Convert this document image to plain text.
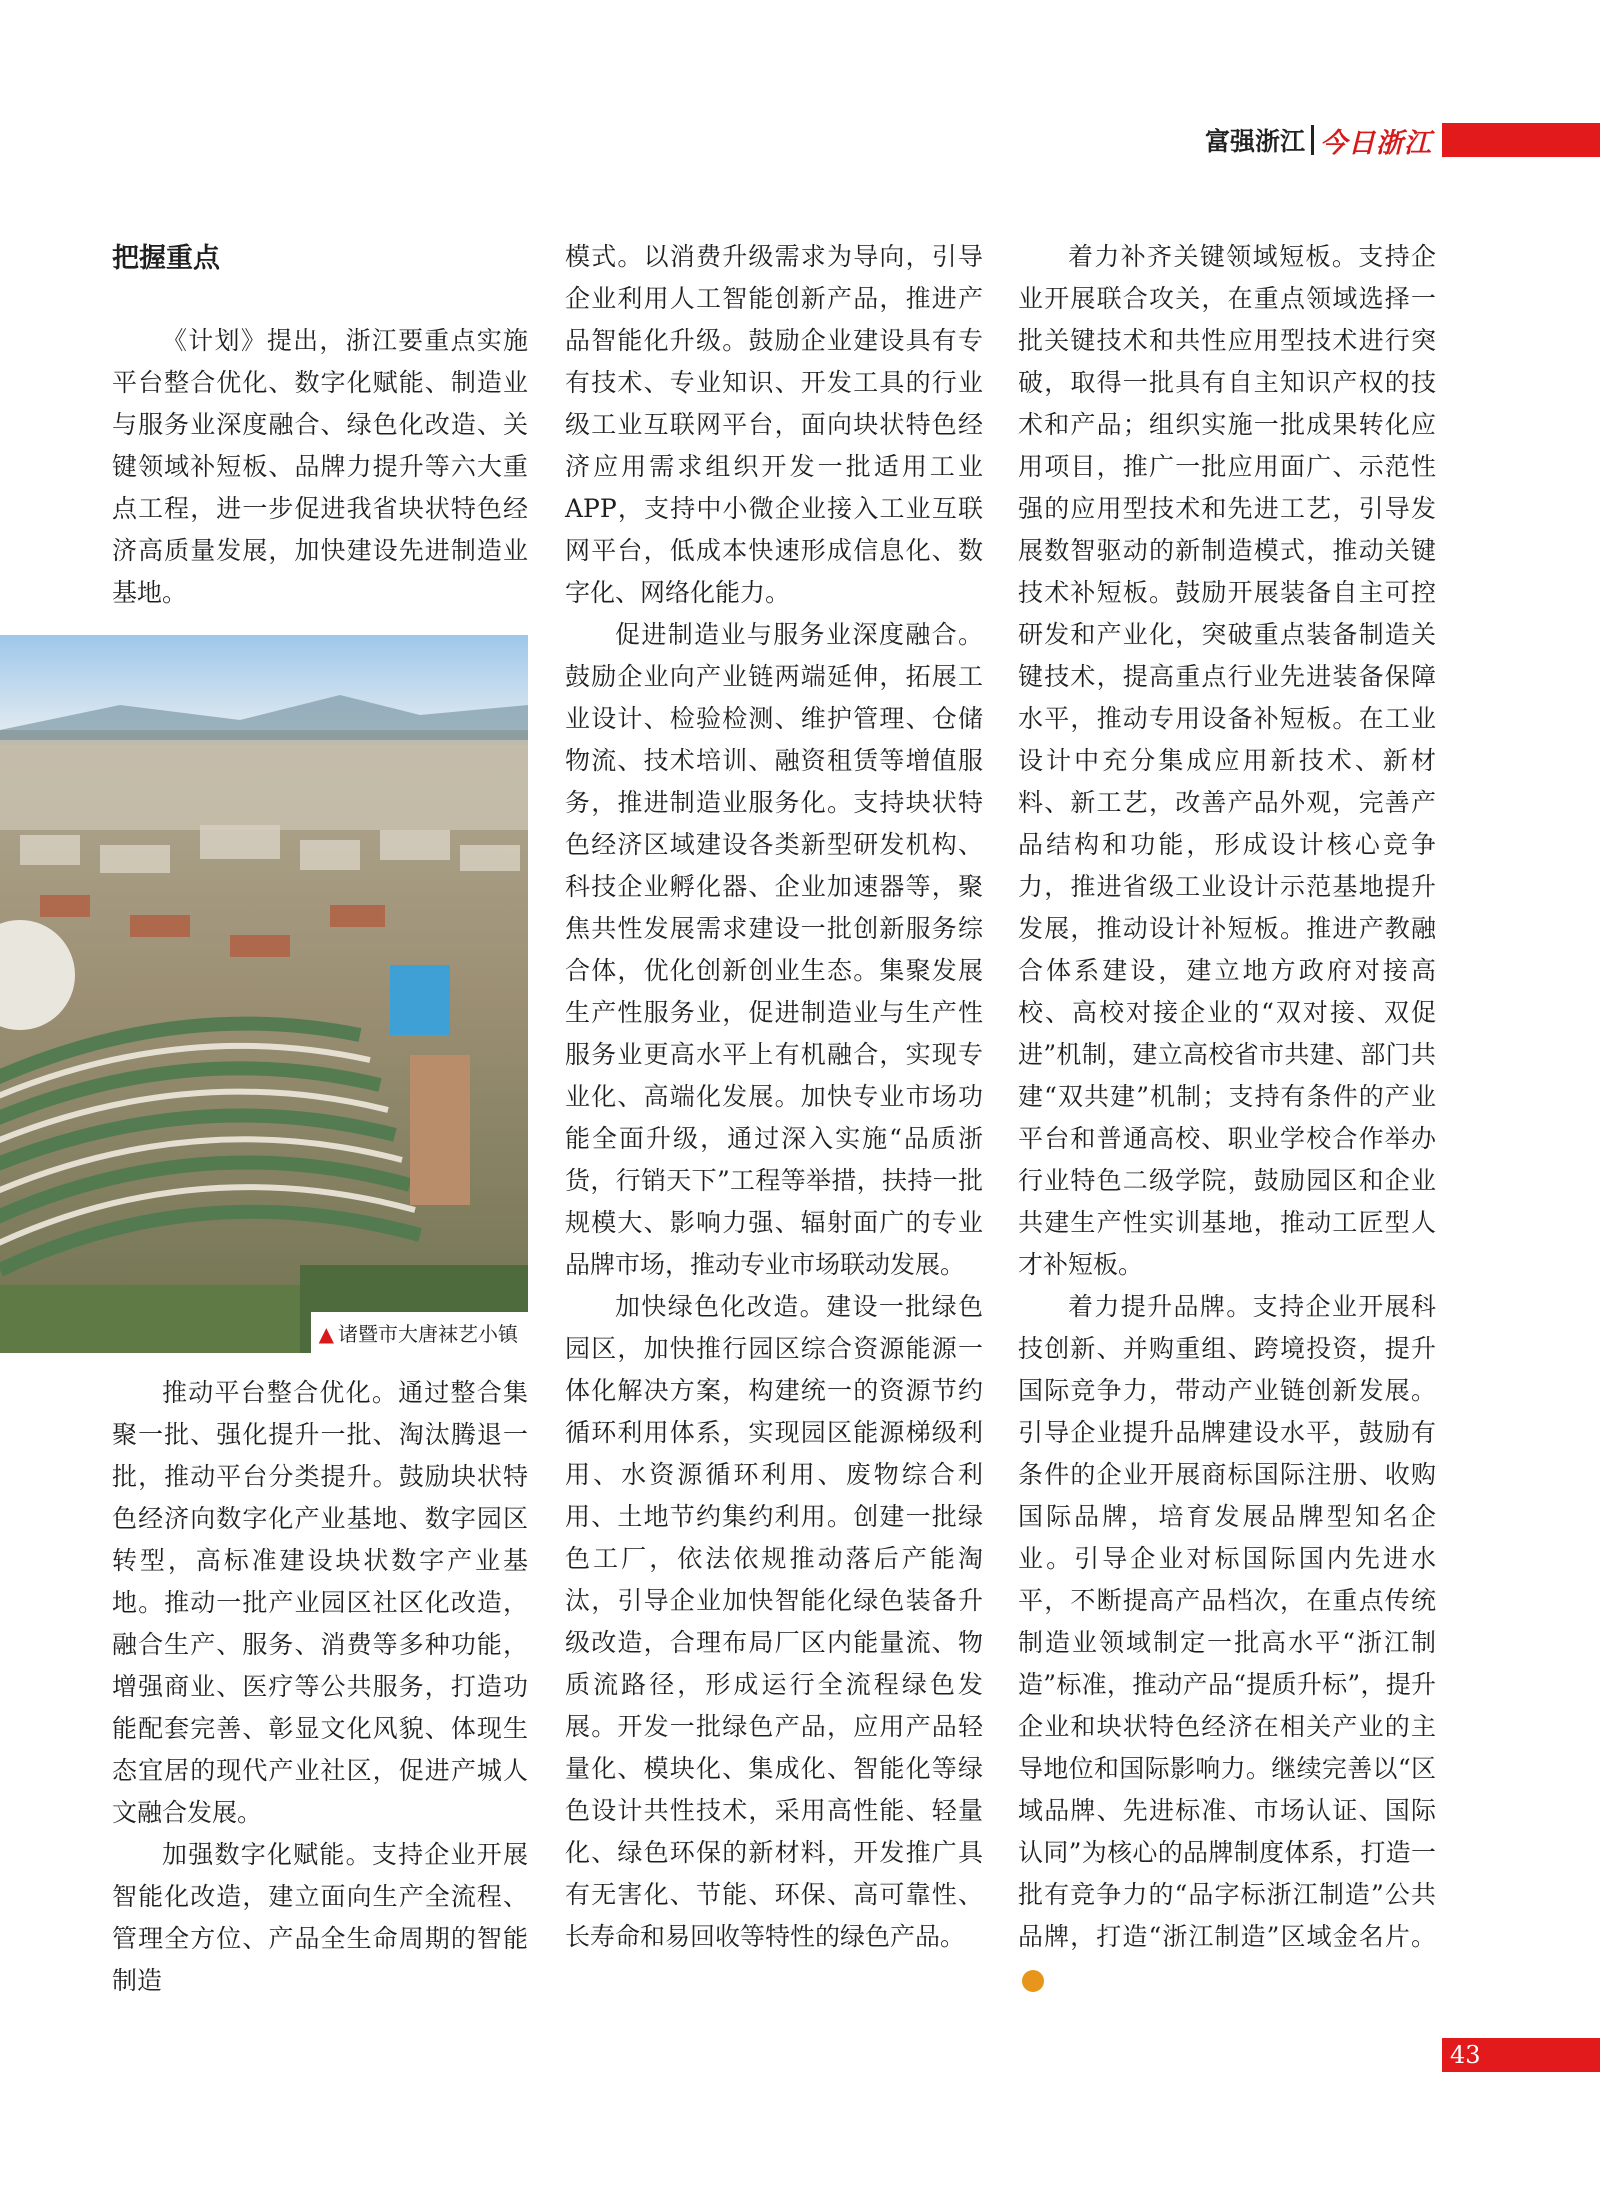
富强浙江 今日浙江
把握重点

《计划》提出，浙江要重点实施平台整合优化、数字化赋能、制造业与服务业深度融合、绿色化改造、关键领域补短板、品牌力提升等六大重点工程，进一步促进我省块状特色经济高质量发展，加快建设先进制造业基地。

▲ 诸暨市大唐袜艺小镇

推动平台整合优化。通过整合集聚一批、强化提升一批、淘汰腾退一批，推动平台分类提升。鼓励块状特色经济向数字化产业基地、数字园区转型，高标准建设块状数字产业基地。推动一批产业园区社区化改造，融合生产、服务、消费等多种功能，增强商业、医疗等公共服务，打造功能配套完善、彰显文化风貌、体现生态宜居的现代产业社区，促进产城人文融合发展。

加强数字化赋能。支持企业开展智能化改造，建立面向生产全流程、管理全方位、产品全生命周期的智能制造

模式。以消费升级需求为导向，引导企业利用人工智能创新产品，推进产品智能化升级。鼓励企业建设具有专有技术、专业知识、开发工具的行业级工业互联网平台，面向块状特色经济应用需求组织开发一批适用工业APP，支持中小微企业接入工业互联网平台，低成本快速形成信息化、数字化、网络化能力。

促进制造业与服务业深度融合。鼓励企业向产业链两端延伸，拓展工业设计、检验检测、维护管理、仓储物流、技术培训、融资租赁等增值服务，推进制造业服务化。支持块状特色经济区域建设各类新型研发机构、科技企业孵化器、企业加速器等，聚焦共性发展需求建设一批创新服务综合体，优化创新创业生态。集聚发展生产性服务业，促进制造业与生产性服务业更高水平上有机融合，实现专业化、高端化发展。加快专业市场功能全面升级，通过深入实施“品质浙货，行销天下”工程等举措，扶持一批规模大、影响力强、辐射面广的专业品牌市场，推动专业市场联动发展。

加快绿色化改造。建设一批绿色园区，加快推行园区综合资源能源一体化解决方案，构建统一的资源节约循环利用体系，实现园区能源梯级利用、水资源循环利用、废物综合利用、土地节约集约利用。创建一批绿色工厂，依法依规推动落后产能淘汰，引导企业加快智能化绿色装备升级改造，合理布局厂区内能量流、物质流路径，形成运行全流程绿色发展。开发一批绿色产品，应用产品轻量化、模块化、集成化、智能化等绿色设计共性技术，采用高性能、轻量化、绿色环保的新材料，开发推广具有无害化、节能、环保、高可靠性、长寿命和易回收等特性的绿色产品。

着力补齐关键领域短板。支持企业开展联合攻关，在重点领域选择一批关键技术和共性应用型技术进行突破，取得一批具有自主知识产权的技术和产品；组织实施一批成果转化应用项目，推广一批应用面广、示范性强的应用型技术和先进工艺，引导发展数智驱动的新制造模式，推动关键技术补短板。鼓励开展装备自主可控研发和产业化，突破重点装备制造关键技术，提高重点行业先进装备保障水平，推动专用设备补短板。在工业设计中充分集成应用新技术、新材料、新工艺，改善产品外观，完善产品结构和功能，形成设计核心竞争力，推进省级工业设计示范基地提升发展，推动设计补短板。推进产教融合体系建设，建立地方政府对接高校、高校对接企业的“双对接、双促进”机制，建立高校省市共建、部门共建“双共建”机制；支持有条件的产业平台和普通高校、职业学校合作举办行业特色二级学院，鼓励园区和企业共建生产性实训基地，推动工匠型人才补短板。

着力提升品牌。支持企业开展科技创新、并购重组、跨境投资，提升国际竞争力，带动产业链创新发展。引导企业提升品牌建设水平，鼓励有条件的企业开展商标国际注册、收购国际品牌，培育发展品牌型知名企业。引导企业对标国际国内先进水平，不断提高产品档次，在重点传统制造业领域制定一批高水平“浙江制造”标准，推动产品“提质升标”，提升企业和块状特色经济在相关产业的主导地位和国际影响力。继续完善以“区域品牌、先进标准、市场认证、国际认同”为核心的品牌制度体系，打造一批有竞争力的“品字标浙江制造”公共品牌，打造“浙江制造”区域金名片。今

43
